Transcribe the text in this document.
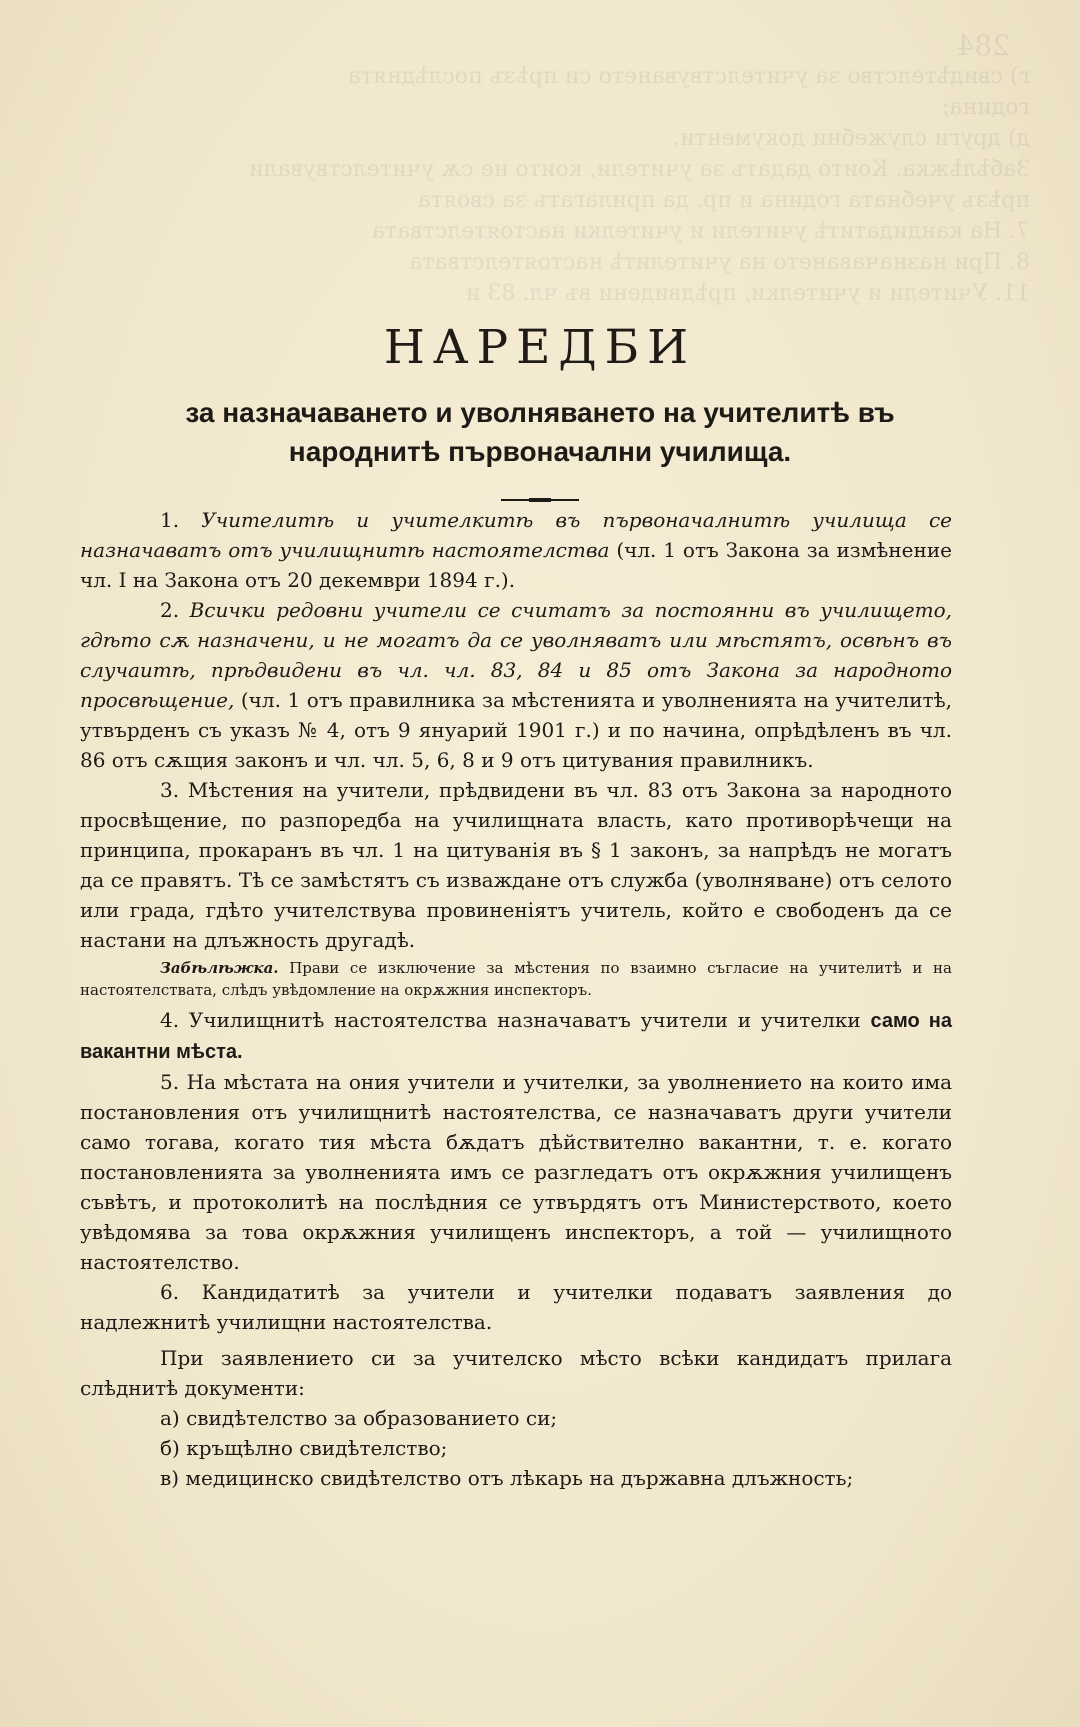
284

г) свидѣтелство за учителствуването си прѣзъ послѣднята

година;

д) други служебни документи.

Забѣлѣжка. Които дадатъ за учители, които не сѫ учителствували

прѣзъ учебната година и пр. да прилагатъ за своята

7. На кандидатитѣ учители и учителки настоятелствата

8. При назначаването на учителитѣ настоятелствата

11. Учители и учителки, прѣдвидени въ чл. 83 и

НАРЕДБИ
за назначаването и уволняването на учителитѣ въ
народнитѣ първоначални училища.

1. Учителитѣ и учителкитѣ въ първоначалнитѣ училища се назначаватъ отъ училищнитѣ настоятелства (чл. 1 отъ Закона за измѣнение чл. I на Закона отъ 20 декември 1894 г.).

2. Всички редовни учители се считатъ за постоянни въ училището, гдѣто сѫ назначени, и не могатъ да се уволняватъ или мѣстятъ, освѣнъ въ случаитѣ, прѣдвидени въ чл. чл. 83, 84 и 85 отъ Закона за народното просвѣщение, (чл. 1 отъ правилника за мѣстенията и уволненията на учителитѣ, утвърденъ съ указъ № 4, отъ 9 януарий 1901 г.) и по начина, опрѣдѣленъ въ чл. 86 отъ сѫщия законъ и чл. чл. 5, 6, 8 и 9 отъ цитувания правилникъ.

3. Мѣстения на учители, прѣдвидени въ чл. 83 отъ Закона за народното просвѣщение, по разпоредба на училищната власть, като противорѣчещи на принципа, прокаранъ въ чл. 1 на цитуванія въ § 1 законъ, за напрѣдъ не могатъ да се правятъ. Тѣ се замѣстятъ съ изваждане отъ служба (уволняване) отъ селото или града, гдѣто учителствува провиненіятъ учитель, който е свободенъ да се настани на длъжность другадѣ.

Забѣлѣжка. Прави се изключение за мѣстения по взаимно съгласие на учителитѣ и на настоятелствата, слѣдъ увѣдомление на окрѫжния инспекторъ.

4. Училищнитѣ настоятелства назначаватъ учители и учителки само на вакантни мѣста.

5. На мѣстата на ония учители и учителки, за уволнението на които има постановления отъ училищнитѣ настоятелства, се назначаватъ други учители само тогава, когато тия мѣста бѫдатъ дѣйствително вакантни, т. е. когато постановленията за уволненията имъ се разгледатъ отъ окрѫжния училищенъ съвѣтъ, и протоколитѣ на послѣдния се утвърдятъ отъ Министерството, което увѣдомява за това окрѫжния училищенъ инспекторъ, а той — училищното настоятелство.

6. Кандидатитѣ за учители и учителки подаватъ заявления до надлежнитѣ училищни настоятелства.

При заявлението си за учителско мѣсто всѣки кандидатъ прилага слѣднитѣ документи:

а) свидѣтелство за образованието си;

б) кръщѣлно свидѣтелство;

в) медицинско свидѣтелство отъ лѣкарь на държавна длъжность;
